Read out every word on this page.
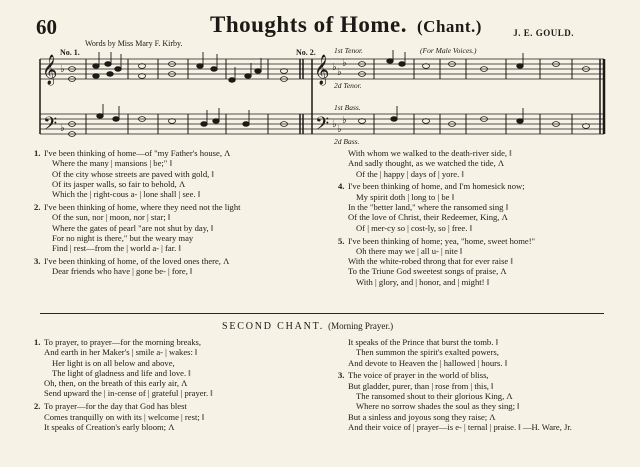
60	Thoughts of Home. (Chant.)	J. E. GOULD.
Words by Miss Mary F. Kirby.
No. 1.	No. 2. 1st Tenor.	(For Male Voices.)
2d Tenor.
1st Bass.
2d Bass.
𝄞
𝄢
𝄞
𝄢
♭
♭
♭ ♭
♭
♭ ♭
♭
1. I've been thinking of home—of "my Father's house, Λ
Where the many | mansions | be;" ‖
Of the city whose streets are paved with gold, ‖
Of its jasper walls, so fair to behold, Λ
Which the | right-cous a- | lone shall | see. ‖
2. I've been thinking of home, where they need not the light
Of the sun, nor | moon, nor | star; ‖
Where the gates of pearl "are not shut by day, ‖
For no night is there," but the weary may
Find | rest—from the | world a- | far. ‖
3. I've been thinking of home, of the loved ones there, Λ
Dear friends who have | gone be- | fore, ‖
With whom we walked to the death-river side, ‖
And sadly thought, as we watched the tide, Λ
Of the | happy | days of | yore. ‖
4. I've been thinking of home, and I'm homesick now;
My spirit doth | long to | be ‖
In the "better land," where the ransomed sing ‖
Of the love of Christ, their Redeemer, King, Λ
Of | mer-cy so | cost-ly, so | free. ‖
5. I've been thinking of home; yea, "home, sweet home!"
Oh there may we | all u- | nite ‖
With the white-robed throng that for ever raise ‖
To the Triune God sweetest songs of praise, Λ
With | glory, and | honor, and | might! ‖
SECOND CHANT. (Morning Prayer.)
1. To prayer, to prayer—for the morning breaks,
And earth in her Maker's | smile a- | wakes: ‖
Her light is on all below and above,
The light of gladness and life and love. ‖
Oh, then, on the breath of this early air, Λ
Send upward the | in-cense of | grateful | prayer. ‖
2. To prayer—for the day that God has blest
Comes tranquilly on with its | welcome | rest; ‖
It speaks of Creation's early bloom; Λ
It speaks of the Prince that burst the tomb. ‖
Then summon the spirit's exalted powers,
And devote to Heaven the | hallowed | hours. ‖
3. The voice of prayer in the world of bliss,
But gladder, purer, than | rose from | this, ‖
The ransomed shout to their glorious King, Λ
Where no sorrow shades the soul as they sing; ‖
But a sinless and joyous song they raise; Λ
And their voice of | prayer—is e- | ternal | praise. ‖ —H. Ware, Jr.
